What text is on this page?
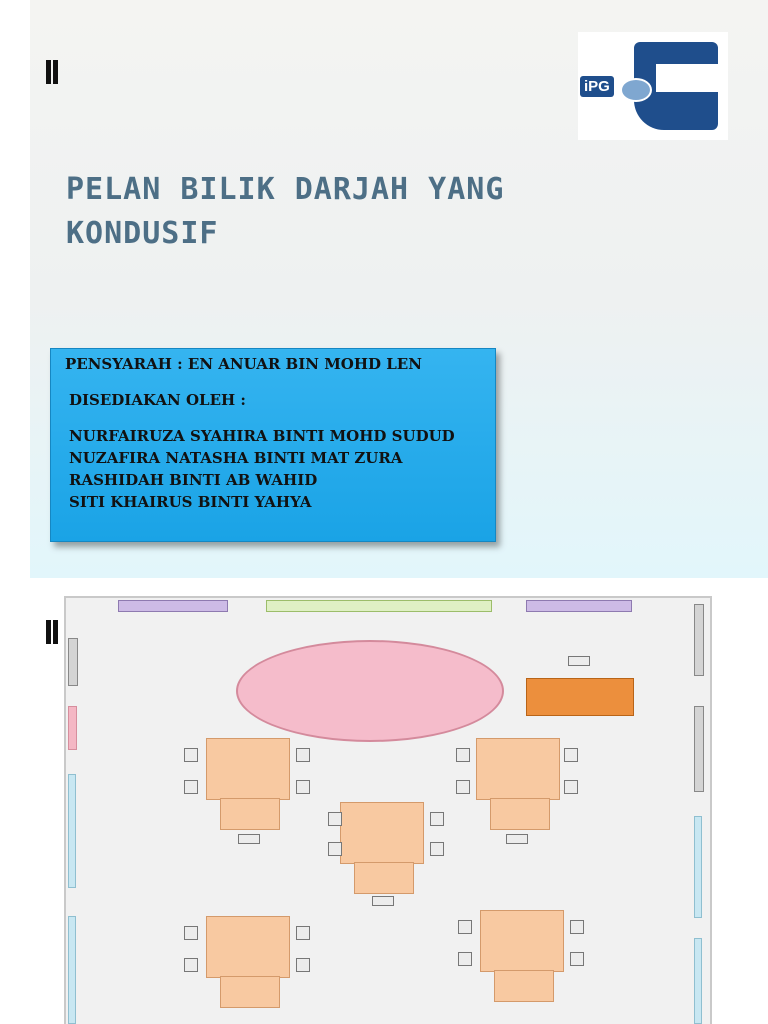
iPG
PELAN BILIK DARJAH YANG
KONDUSIF
PENSYARAH : EN ANUAR BIN MOHD LEN
DISEDIAKAN OLEH :
NURFAIRUZA SYAHIRA BINTI MOHD SUDUD
NUZAFIRA NATASHA BINTI MAT ZURA
RASHIDAH BINTI AB WAHID
SITI KHAIRUS BINTI YAHYA
